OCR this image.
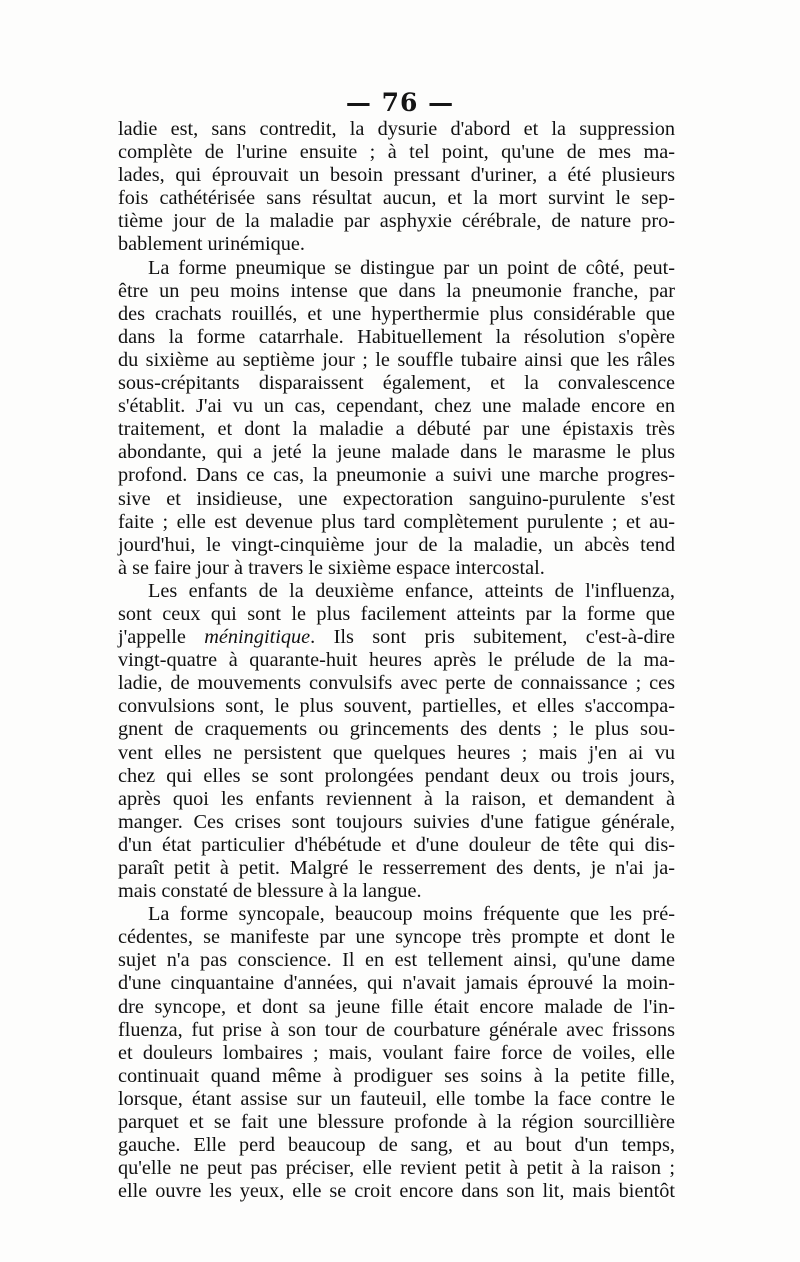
— 76 —
ladie est, sans contredit, la dysurie d'abord et la suppression
complète de l'urine ensuite ; à tel point, qu'une de mes ma-
lades, qui éprouvait un besoin pressant d'uriner, a été plusieurs
fois cathétérisée sans résultat aucun, et la mort survint le sep-
tième jour de la maladie par asphyxie cérébrale, de nature pro-
bablement urinémique.
La forme pneumique se distingue par un point de côté, peut-
être un peu moins intense que dans la pneumonie franche, par
des crachats rouillés, et une hyperthermie plus considérable que
dans la forme catarrhale. Habituellement la résolution s'opère
du sixième au septième jour ; le souffle tubaire ainsi que les râles
sous-crépitants disparaissent également, et la convalescence
s'établit. J'ai vu un cas, cependant, chez une malade encore en
traitement, et dont la maladie a débuté par une épistaxis très
abondante, qui a jeté la jeune malade dans le marasme le plus
profond. Dans ce cas, la pneumonie a suivi une marche progres-
sive et insidieuse, une expectoration sanguino-purulente s'est
faite ; elle est devenue plus tard complètement purulente ; et au-
jourd'hui, le vingt-cinquième jour de la maladie, un abcès tend
à se faire jour à travers le sixième espace intercostal.
Les enfants de la deuxième enfance, atteints de l'influenza,
sont ceux qui sont le plus facilement atteints par la forme que
j'appelle méningitique. Ils sont pris subitement, c'est-à-dire
vingt-quatre à quarante-huit heures après le prélude de la ma-
ladie, de mouvements convulsifs avec perte de connaissance ; ces
convulsions sont, le plus souvent, partielles, et elles s'accompa-
gnent de craquements ou grincements des dents ; le plus sou-
vent elles ne persistent que quelques heures ; mais j'en ai vu
chez qui elles se sont prolongées pendant deux ou trois jours,
après quoi les enfants reviennent à la raison, et demandent à
manger. Ces crises sont toujours suivies d'une fatigue générale,
d'un état particulier d'hébétude et d'une douleur de tête qui dis-
paraît petit à petit. Malgré le resserrement des dents, je n'ai ja-
mais constaté de blessure à la langue.
La forme syncopale, beaucoup moins fréquente que les pré-
cédentes, se manifeste par une syncope très prompte et dont le
sujet n'a pas conscience. Il en est tellement ainsi, qu'une dame
d'une cinquantaine d'années, qui n'avait jamais éprouvé la moin-
dre syncope, et dont sa jeune fille était encore malade de l'in-
fluenza, fut prise à son tour de courbature générale avec frissons
et douleurs lombaires ; mais, voulant faire force de voiles, elle
continuait quand même à prodiguer ses soins à la petite fille,
lorsque, étant assise sur un fauteuil, elle tombe la face contre le
parquet et se fait une blessure profonde à la région sourcillière
gauche. Elle perd beaucoup de sang, et au bout d'un temps,
qu'elle ne peut pas préciser, elle revient petit à petit à la raison ;
elle ouvre les yeux, elle se croit encore dans son lit, mais bientôt
